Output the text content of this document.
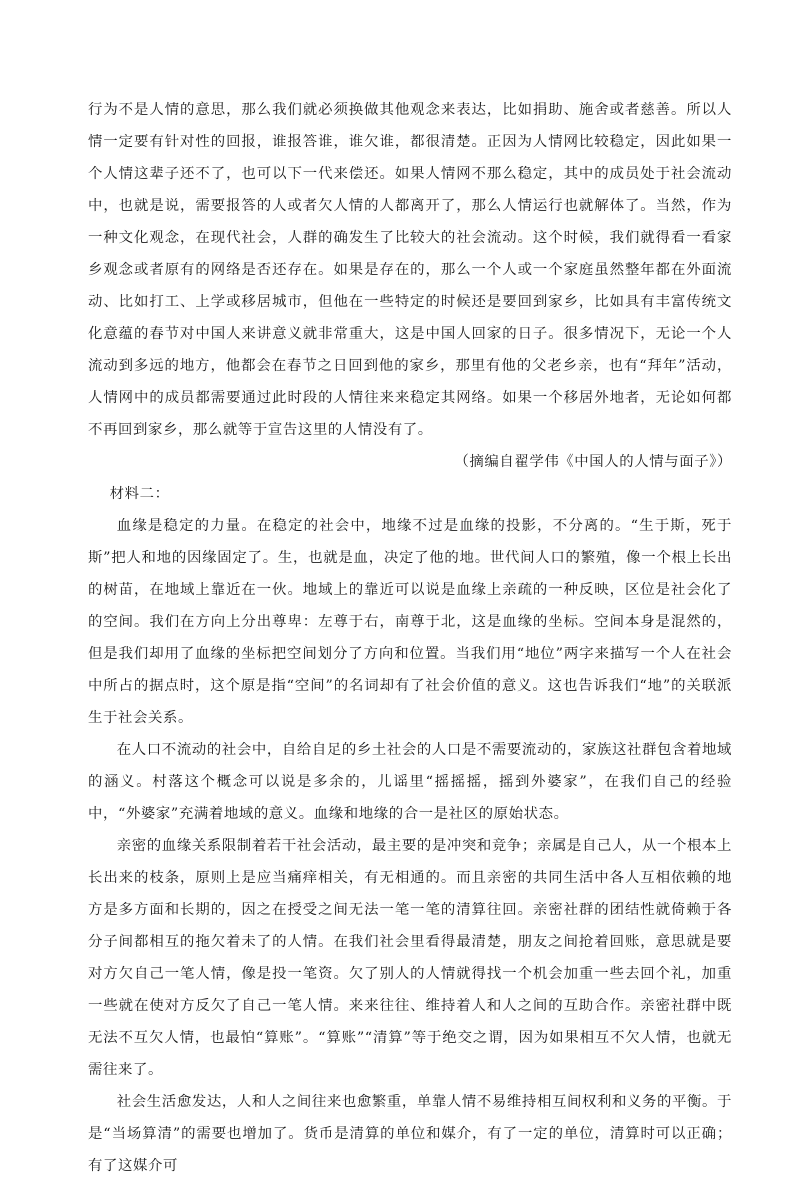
行为不是人情的意思，那么我们就必须换做其他观念来表达，比如捐助、施舍或者慈善。所以人情一定要有针对性的回报，谁报答谁，谁欠谁，都很清楚。正因为人情网比较稳定，因此如果一个人情这辈子还不了，也可以下一代来偿还。如果人情网不那么稳定，其中的成员处于社会流动中，也就是说，需要报答的人或者欠人情的人都离开了，那么人情运行也就解体了。当然，作为一种文化观念，在现代社会，人群的确发生了比较大的社会流动。这个时候，我们就得看一看家乡观念或者原有的网络是否还存在。如果是存在的，那么一个人或一个家庭虽然整年都在外面流动、比如打工、上学或移居城市，但他在一些特定的时候还是要回到家乡，比如具有丰富传统文化意蕴的春节对中国人来讲意义就非常重大，这是中国人回家的日子。很多情况下，无论一个人流动到多远的地方，他都会在春节之日回到他的家乡，那里有他的父老乡亲，也有“拜年”活动，人情网中的成员都需要通过此时段的人情往来来稳定其网络。如果一个移居外地者，无论如何都不再回到家乡，那么就等于宣告这里的人情没有了。

（摘编自翟学伟《中国人的人情与面子》）

材料二：

血缘是稳定的力量。在稳定的社会中，地缘不过是血缘的投影，不分离的。“生于斯，死于斯”把人和地的因缘固定了。生，也就是血，决定了他的地。世代间人口的繁殖，像一个根上长出的树苗，在地域上靠近在一伙。地域上的靠近可以说是血缘上亲疏的一种反映，区位是社会化了的空间。我们在方向上分出尊卑：左尊于右，南尊于北，这是血缘的坐标。空间本身是混然的，但是我们却用了血缘的坐标把空间划分了方向和位置。当我们用“地位”两字来描写一个人在社会中所占的据点时，这个原是指“空间”的名词却有了社会价值的意义。这也告诉我们“地”的关联派生于社会关系。

在人口不流动的社会中，自给自足的乡土社会的人口是不需要流动的，家族这社群包含着地域的涵义。村落这个概念可以说是多余的，儿谣里“摇摇摇，摇到外婆家”，在我们自己的经验中，“外婆家”充满着地域的意义。血缘和地缘的合一是社区的原始状态。

亲密的血缘关系限制着若干社会活动，最主要的是冲突和竞争；亲属是自己人，从一个根本上长出来的枝条，原则上是应当痛痒相关，有无相通的。而且亲密的共同生活中各人互相依赖的地方是多方面和长期的，因之在授受之间无法一笔一笔的清算往回。亲密社群的团结性就倚赖于各分子间都相互的拖欠着未了的人情。在我们社会里看得最清楚，朋友之间抢着回账，意思就是要对方欠自己一笔人情，像是投一笔资。欠了别人的人情就得找一个机会加重一些去回个礼，加重一些就在使对方反欠了自己一笔人情。来来往往、维持着人和人之间的互助合作。亲密社群中既无法不互欠人情，也最怕“算账”。“算账”“清算”等于绝交之谓，因为如果相互不欠人情，也就无需往来了。

社会生活愈发达，人和人之间往来也愈繁重，单靠人情不易维持相互间权利和义务的平衡。于是“当场算清”的需要也增加了。货币是清算的单位和媒介，有了一定的单位，清算时可以正确；有了这媒介可
